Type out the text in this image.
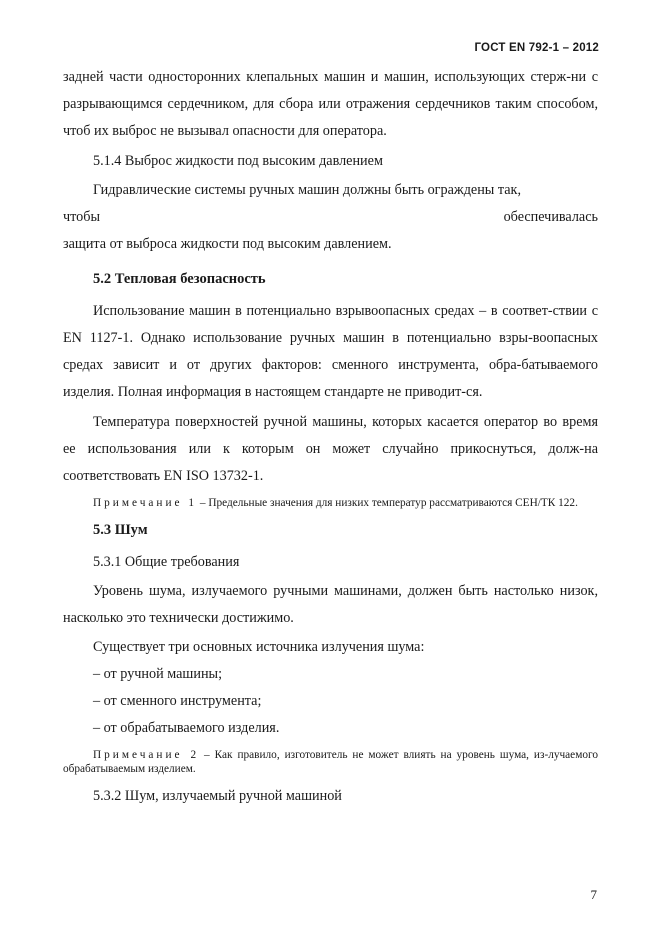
ГОСТ EN 792-1 – 2012

задней части односторонних клепальных машин и машин, использующих стерж-ни с разрывающимся сердечником, для сбора или отражения сердечников таким способом, чтоб их выброс не вызывал опасности для оператора.

5.1.4 Выброс жидкости под высоким давлением

Гидравлические системы ручных машин должны быть ограждены так,

чтобы	обеспечивалась

защита от выброса жидкости под высоким давлением.

5.2 Тепловая безопасность

Использование машин в потенциально взрывоопасных средах – в соответ-ствии с EN 1127-1. Однако использование ручных машин в потенциально взры-воопасных средах зависит и от других факторов: сменного инструмента, обра-батываемого изделия. Полная информация в настоящем стандарте не приводит-ся.

Температура поверхностей ручной машины, которых касается оператор во время ее использования или к которым он может случайно прикоснуться, долж-на соответствовать EN ISO 13732-1.

Примечание 1 – Предельные значения для низких температур рассматриваются СЕН/ТК 122.
5.3 Шум
5.3.1 Общие требования

Уровень шума, излучаемого ручными машинами, должен быть настолько низок, насколько это технически достижимо.

Существует три основных источника излучения шума:

– от ручной машины;
– от сменного инструмента;
– от обрабатываемого изделия.
Примечание 2 – Как правило, изготовитель не может влиять на уровень шума, из-лучаемого обрабатываемым изделием.
5.3.2 Шум, излучаемый ручной машиной
7
